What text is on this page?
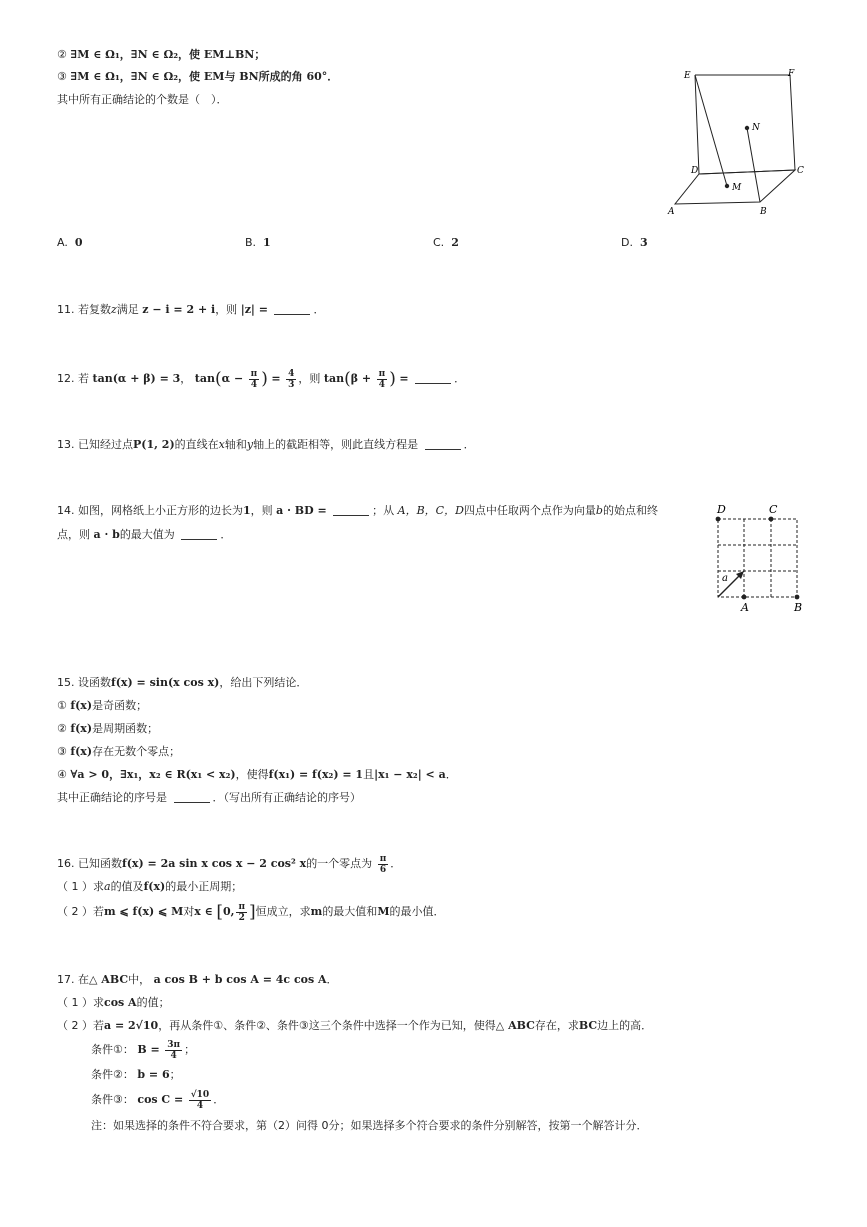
② ∃M ∈ Ω₁，∃N ∈ Ω₂，使 EM⊥BN；
③ ∃M ∈ Ω₁，∃N ∈ Ω₂，使 EM与 BN所成的角 60°．
其中所有正确结论的个数是（　）．
E	F
N
D	C
M
A	B
A. 0	B. 1	C. 2	D. 3
11. 若复数z满足 z − i = 2 + i，则 |z| =	．
12. 若 tan(α + β) = 3， $\tan(\alpha - \frac{\pi}{4}$ ) = $\frac{4}{3}$ ，则 $\tan(\beta + \frac{\pi}{4}$ ) =	．
13. 已知经过点P(1, 2)的直线在x轴和y轴上的截距相等，则此直线方程是	．
14. 如图，网格纸上小正方形的边长为1，则 a · BD =	；从 A，B，C，D四点中任取两个点作为向量b的始点和终
点，则 a · b的最大值为	．
D	C
A	B
a
15. 设函数f(x) = sin(x cos x)，给出下列结论．
① f(x)是奇函数；
② f(x)是周期函数；
③ f(x)存在无数个零点；
④ ∀a > 0，∃x₁，x₂ ∈ R(x₁ < x₂)，使得f(x₁) = f(x₂) = 1且|x₁ − x₂| < a．
其中正确结论的序号是	．（写出所有正确结论的序号）
16. 已知函数f(x) = 2a sin x cos x − 2 cos² x的一个零点为 $\frac{\pi}{6}$ ．
（ 1 ）求a的值及f(x)的最小正周期；
（ 2 ）若m ⩽ f(x) ⩽ M对x ∈ [0, $\frac{\pi}{2}$ ]恒成立，求m的最大值和M的最小值．
17. 在△ ABC中， a cos B + b cos A = 4c cos A．
（ 1 ）求cos A的值；
（ 2 ）若a = 2√10，再从条件①、条件②、条件③这三个条件中选择一个作为已知，使得△ ABC存在，求BC边上的高．
条件①： $B = \frac{3\pi}{4}$ ；
条件②： b = 6；
条件③： $\cos C = \frac{√10}{4}$ ．
注：如果选择的条件不符合要求，第（2）问得 0分；如果选择多个符合要求的条件分别解答，按第一个解答计分．
